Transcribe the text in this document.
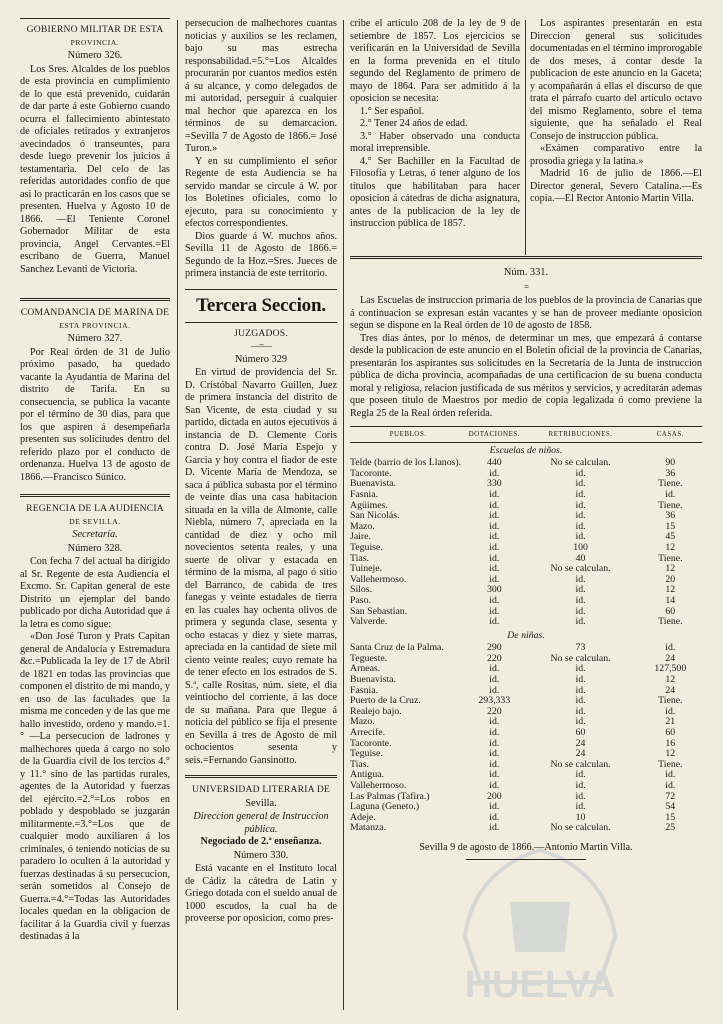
GOBIERNO MILITAR DE ESTA
PROVINCIA.
Número 326.

Los Sres. Alcaldes de los pueblos de esta provincia en cumplimiento de lo que está prevenido, cuidarán de dar parte á este Gobierno cuando ocurra el fallecimiento abintestato de oficiales retirados y extranjeros avecindados ó transeuntes, para desde luego prevenir los juicios á testamentaria. Del celo de las referidas autoridades confio de que asi lo practicarán en los casos que se presenten. Huelva y Agosto 10 de 1866. —El Teniente Coronel Gobernador Militar de esta provincia, Angel Cervantes.=El escribano de Guerra, Manuel Sanchez Levanti de Victoria.

COMANDANCIA DE MARINA DE
ESTA PROVINCIA.
Número 327.

Por Real órden de 31 de Julio próximo pasado, ha quedado vacante la Ayudantía de Marina del distrito de Tarifa. En su consecuencia, se publica la vacante por el término de 30 dias, para que los que aspiren á desempeñarla presenten sus solicitudes dentro del referido plazo por el conducto de ordenanza. Huelva 13 de agosto de 1866.—Francisco Súnico.

REGENCIA DE LA AUDIENCIA
DE SEVILLA.
Secretaría.
Número 328.

Con fecha 7 del actual ha dirigido al Sr. Regente de esta Audiencia el Excmo. Sr. Capitan general de este Distrito un ejemplar del bando publicado por dicha Autoridad que á la letra es como sigue:

«Don José Turon y Prats Capitan general de Andalucía y Estremadura &c.=Publicada la ley de 17 de Abril de 1821 en todas las provincias que componen el distrito de mi mando, y en uso de las facultades que la misma me conceden y de las que me hallo investido, ordeno y mando.=1.° —La persecucion de ladrones y malhechores queda á cargo no solo de la Guardia civil de los tercios 4.° y 11.° sino de las partidas rurales, agentes de la Autoridad y fuerzas del ejército.=2.°=Los robos en poblado y despoblado se juzgarán militarmente.=3.°=Los que de cualquier modo auxiliaren á los criminales, ó teniendo noticias de su paradero lo oculten á la autoridad y fuerzas destinadas á su persecucion, serán sometidos al Consejo de Guerra.=4.°=Todas las Autoridades locales quedan en la obligacion de facilitar á la Guardia civil y fuerzas destinadas á la

persecucion de malhechores cuantas noticias y auxilios se les reclamen, bajo su mas estrecha responsabilidad.=5.°=Los Alcaldes procurarán por cuantos medios estén á su alcance, y como delegados de mi autoridad, perseguir á cualquier mal hechor que aparezca en los términos de su demarcacion. =Sevilla 7 de Agosto de 1866.= José Turon.»

Y en su cumplimiento el señor Regente de esta Audiencia se ha servido mandar se circule á W. por los Boletines oficiales, como lo ejecuto, para su conocimiento y efectos correspondientes.

Dios guarde á W. muchos años. Sevilla 11 de Agosto de 1866.= Segundo de la Hoz.=Sres. Jueces de primera instancia de este territorio.

Tercera Seccion.
JUZGADOS.
—=—
Número 329

En virtud de providencia del Sr. D. Cristóbal Navarro Guillen, Juez de primera instancia del distrito de San Vicente, de esta ciudad y su partido, dictada en autos ejecutivos á instancia de D. Clemente Coris contra D. José María Espejo y Garcia y hoy contra el fiador de este D. Vicente María de Mendoza, se saca á pública subasta por el término de veinte dias una casa habitacion situada en la villa de Almonte, calle Niebla, número 7, apreciada en la cantidad de diez y ocho mil novecientos setenta reales, y una suerte de olivar y estacada en término de la misma, al pago ó sitio del Barranco, de cabida de tres fanegas y veinte estadales de tierra en las cuales hay ochenta olivos de primera y segunda clase, sesenta y ocho estacas y diez y siete marras, apreciada en la cantidad de siete mil ciento veinte reales; cuyo remate ha de tener efecto en los estrados de S. S.ª, calle Rositas, núm. siete, el dia veintiocho del corriente, á las doce de su mañana. Para que llegue á noticia del público se fija el presente en Sevilla á tres de Agosto de mil ochocientos sesenta y seis.=Fernando Gansinotto.

UNIVERSIDAD LITERARIA DE
Sevilla.
Direccion general de Instruccion pública.
Negociado de 2.ª enseñanza.
Número 330.

Está vacante en el Instituto local de Cádiz la cátedra de Latin y Griego dotada con el sueldo anual de 1000 escudos, la cual ha de proveerse por oposicion, como pres-

cribe el artículo 208 de la ley de 9 de setiembre de 1857. Los ejercicios se verificarán en la Universidad de Sevilla en la forma prevenida en el título segundo del Reglamento de primero de mayo de 1864. Para ser admitido á la oposicion se necesita:

1.° Ser español.

2.° Tener 24 años de edad.

3.° Haber observado una conducta moral irreprensible.

4.° Ser Bachiller en la Facultad de Filosofía y Letras, ó tener alguno de los títulos que habilitaban para hacer oposicion á cátedras de dicha asignatura, antes de la publicacion de la ley de instruccion pública de 1857.

Los aspirantes presentarán en esta Direccion general sus solicitudes documentadas en el término improrogable de dos meses, á contar desde la publicacion de este anuncio en la Gaceta; y acompañarán á ellas el discurso de que trata el párrafo cuarto del artículo octavo del mismo Reglamento, sobre el tema siguiente, que ha señalado el Real Consejo de instruccion pública.

«Exámen comparativo entre la prosodia griega y la latina.»

Madrid 16 de julio de 1866.—El Director general, Severo Catalina.—Es copia.—El Rector Antonio Martin Villa.

Núm. 331.
=

Las Escuelas de instruccion primaria de los pueblos de la provincia de Canarias que á continuacion se expresan están vacantes y se han de proveer mediante oposicion segun se dispone en la Real órden de 10 de agosto de 1858.

Tres dias ántes, por lo ménos, de determinar un mes, que empezará á contarse desde la publicacion de este anuncio en el Boletin oficial de la provincia de Canarias, presentarán los aspirantes sus solicitudes en la Secretaría de la Junta de instruccion pública de dicha provincia, acompañadas de una certificacion de su buena conducta moral y religiosa, relacion justificada de sus méritos y servicios, y acreditarán ademas que poseen título de Maestros por medio de copia legalizada ó como previene la Regla 25 de la Real órden referida.

PUEBLOS.	DOTACIONES.	RETRIBUCIONES.	CASAS.
Escuelas de niños.			
Telde (barrio de los Llanos).	440	No se calculan.	90
Tacoronte.	id.	id.	36
Buenavista.	330	id.	Tiene.
Fasnia.	id.	id.	id.
Agüimes.	id.	id.	Tiene.
San Nicolás.	id.	id.	36
Mazo.	id.	id.	15
Jaire.	id.	id.	45
Teguise.	id.	100	12
Tias.	id.	40	Tiene.
Tuineje.	id.	No se calculan.	12
Vallehermoso.	id.	id.	20
Silos.	300	id.	12
Paso.	id.	id.	14
San Sebastian.	id.	id.	60
Valverde.	id.	id.	Tiene.
De niñas.			
Santa Cruz de la Palma.	290	73	id.
Tegueste.	220	No se calculan.	24
Arneas.	id.	id.	127,500
Buenavista.	id.	id.	12
Fasnia.	id.	id.	24
Puerto de la Cruz.	293,333	id.	Tiene.
Realejo bajo.	220	id.	id.
Mazo.	id.	id.	21
Arrecife.	id.	60	60
Tacoronte.	id.	24	16
Teguise.	id.	24	12
Tias.	id.	No se calculan.	Tiene.
Antigua.	id.	id.	id.
Vallehermoso.	id.	id.	id.
Las Palmas (Tafira.)	200	id.	72
Laguna (Geneto.)	id.	id.	54
Adeje.	id.	10	15
Matanza.	id.	No se calculan.	25
Sevilla 9 de agosto de 1866.—Antonio Martin Villa.
HUELVA
